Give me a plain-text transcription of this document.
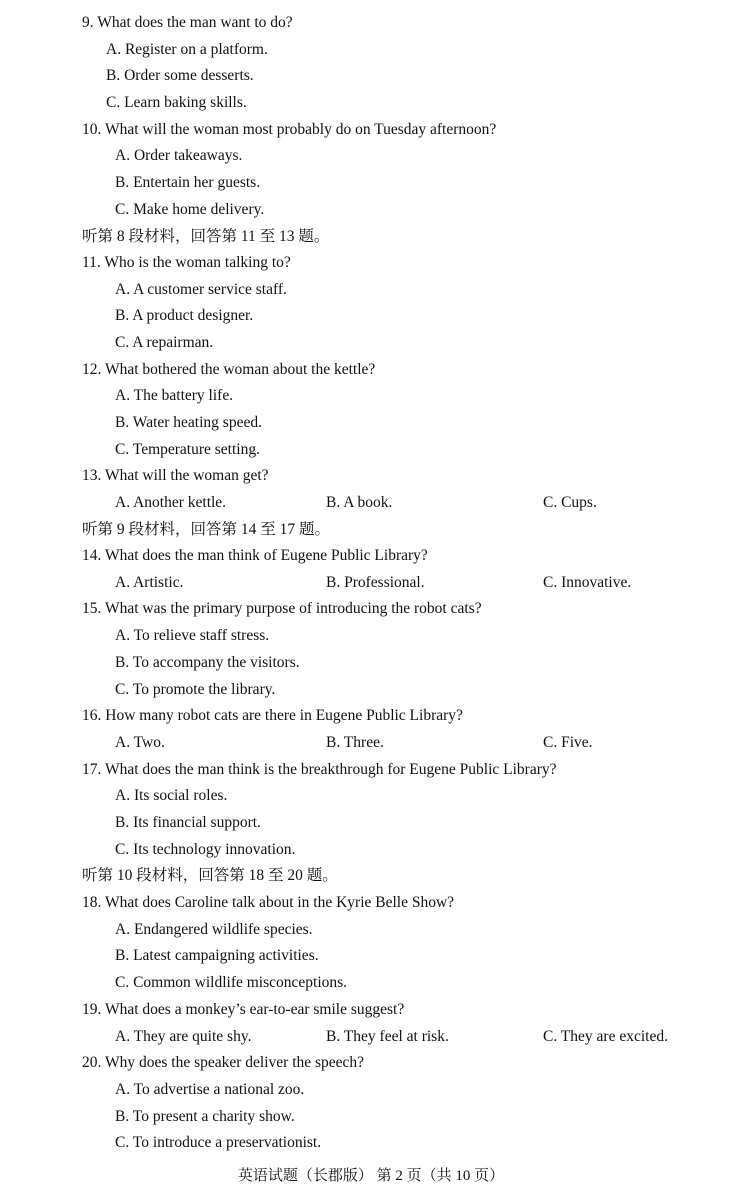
9. What does the man want to do?
A. Register on a platform.
B. Order some desserts.
C. Learn baking skills.
10. What will the woman most probably do on Tuesday afternoon?
A. Order takeaways.
B. Entertain her guests.
C. Make home delivery.
听第 8 段材料，回答第 11 至 13 题。
11. Who is the woman talking to?
A. A customer service staff.
B. A product designer.
C. A repairman.
12. What bothered the woman about the kettle?
A. The battery life.
B. Water heating speed.
C. Temperature setting.
13. What will the woman get?
A. Another kettle.	B. A book.	C. Cups.
听第 9 段材料，回答第 14 至 17 题。
14. What does the man think of Eugene Public Library?
A. Artistic.	B. Professional.	C. Innovative.
15. What was the primary purpose of introducing the robot cats?
A. To relieve staff stress.
B. To accompany the visitors.
C. To promote the library.
16. How many robot cats are there in Eugene Public Library?
A. Two.	B. Three.	C. Five.
17. What does the man think is the breakthrough for Eugene Public Library?
A. Its social roles.
B. Its financial support.
C. Its technology innovation.
听第 10 段材料，回答第 18 至 20 题。
18. What does Caroline talk about in the Kyrie Belle Show?
A. Endangered wildlife species.
B. Latest campaigning activities.
C. Common wildlife misconceptions.
19. What does a monkey’s ear-to-ear smile suggest?
A. They are quite shy.	B. They feel at risk.	C. They are excited.
20. Why does the speaker deliver the speech?
A. To advertise a national zoo.
B. To present a charity show.
C. To introduce a preservationist.
英语试题（长郡版） 第 2 页（共 10 页）
